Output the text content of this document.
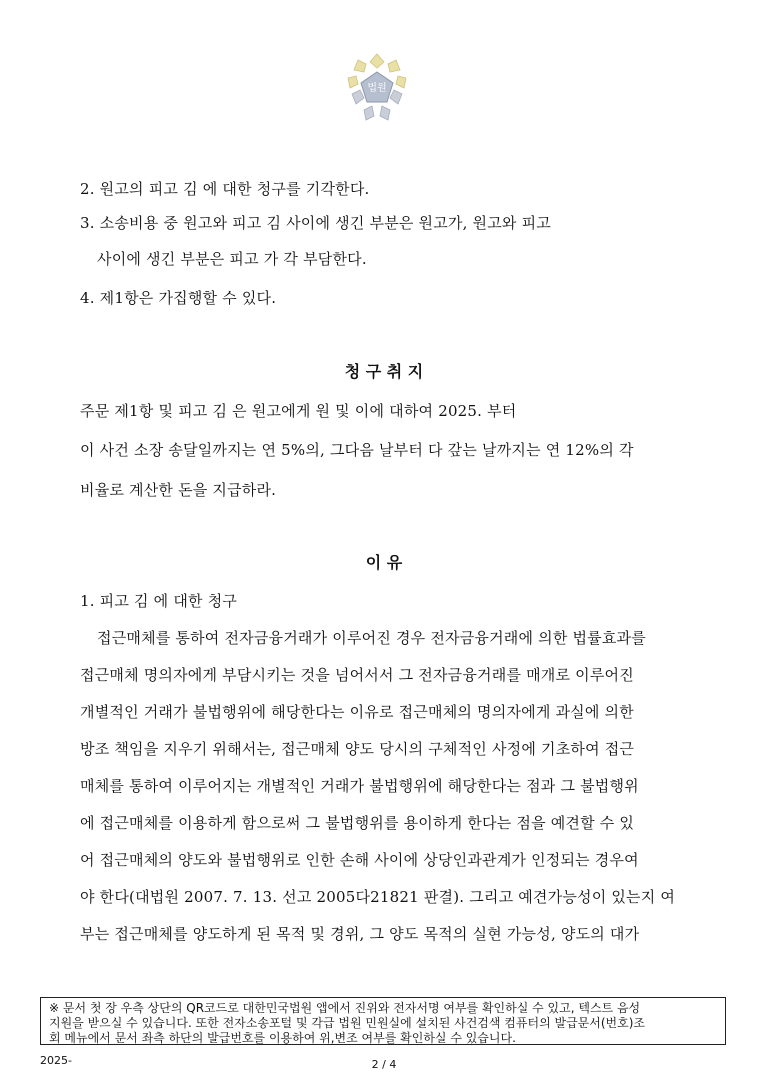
법원
2. 원고의 피고 김 에 대한 청구를 기각한다.
3. 소송비용 중 원고와 피고 김 사이에 생긴 부분은 원고가, 원고와 피고
사이에 생긴 부분은 피고 가 각 부담한다.
4. 제1항은 가집행할 수 있다.
청 구 취 지
주문 제1항 및 피고 김 은 원고에게 원 및 이에 대하여 2025. 부터
이 사건 소장 송달일까지는 연 5%의, 그다음 날부터 다 갚는 날까지는 연 12%의 각
비율로 계산한 돈을 지급하라.
이 유
1. 피고 김 에 대한 청구
접근매체를 통하여 전자금융거래가 이루어진 경우 전자금융거래에 의한 법률효과를
접근매체 명의자에게 부담시키는 것을 넘어서서 그 전자금융거래를 매개로 이루어진
개별적인 거래가 불법행위에 해당한다는 이유로 접근매체의 명의자에게 과실에 의한
방조 책임을 지우기 위해서는, 접근매체 양도 당시의 구체적인 사정에 기초하여 접근
매체를 통하여 이루어지는 개별적인 거래가 불법행위에 해당한다는 점과 그 불법행위
에 접근매체를 이용하게 함으로써 그 불법행위를 용이하게 한다는 점을 예견할 수 있
어 접근매체의 양도와 불법행위로 인한 손해 사이에 상당인과관계가 인정되는 경우여
야 한다(대법원 2007. 7. 13. 선고 2005다21821 판결). 그리고 예견가능성이 있는지 여
부는 접근매체를 양도하게 된 목적 및 경위, 그 양도 목적의 실현 가능성, 양도의 대가
※ 문서 첫 장 우측 상단의 QR코드로 대한민국법원 앱에서 진위와 전자서명 여부를 확인하실 수 있고, 텍스트 음성
지원을 받으실 수 있습니다. 또한 전자소송포털 및 각급 법원 민원실에 설치된 사건검색 컴퓨터의 발급문서(번호)조
회 메뉴에서 문서 좌측 하단의 발급번호를 이용하여 위,변조 여부를 확인하실 수 있습니다.
2025-	2 / 4
